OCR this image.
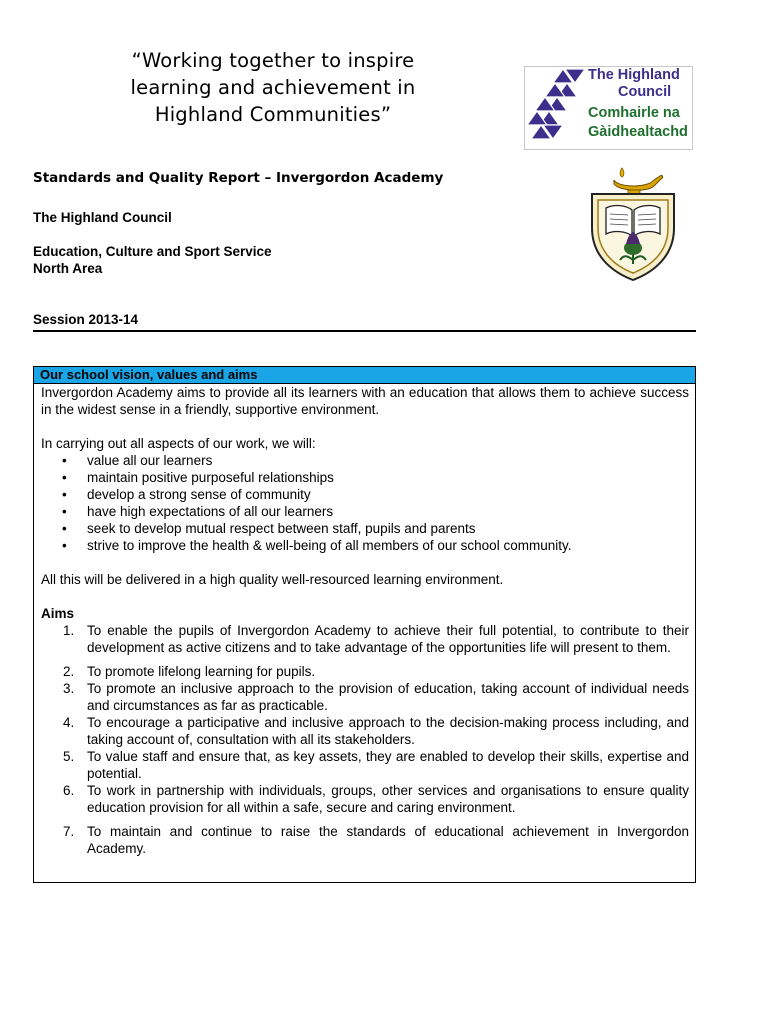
“Working together to inspire
learning and achievement in
Highland Communities”
The Highland
Council
Comhairle na
Gàidhealtachd
Standards and Quality Report – Invergordon Academy
The Highland Council
Education, Culture and Sport Service
North Area
Session 2013-14
Our school vision, values and aims

Invergordon Academy aims to provide all its learners with an education that allows them to achieve success in the widest sense in a friendly, supportive environment.

In carrying out all aspects of our work, we will:

• value all our learners
• maintain positive purposeful relationships
• develop a strong sense of community
• have high expectations of all our learners
• seek to develop mutual respect between staff, pupils and parents
• strive to improve the health & well-being of all members of our school community.

All this will be delivered in a high quality well-resourced learning environment.

Aims
1. To enable the pupils of Invergordon Academy to achieve their full potential, to contribute to their development as active citizens and to take advantage of the opportunities life will present to them.
2. To promote lifelong learning for pupils.
3. To promote an inclusive approach to the provision of education, taking account of individual needs and circumstances as far as practicable.
4. To encourage a participative and inclusive approach to the decision-making process including, and taking account of, consultation with all its stakeholders.
5. To value staff and ensure that, as key assets, they are enabled to develop their skills, expertise and potential.
6. To work in partnership with individuals, groups, other services and organisations to ensure quality education provision for all within a safe, secure and caring environment.
7. To maintain and continue to raise the standards of educational achievement in Invergordon Academy.
